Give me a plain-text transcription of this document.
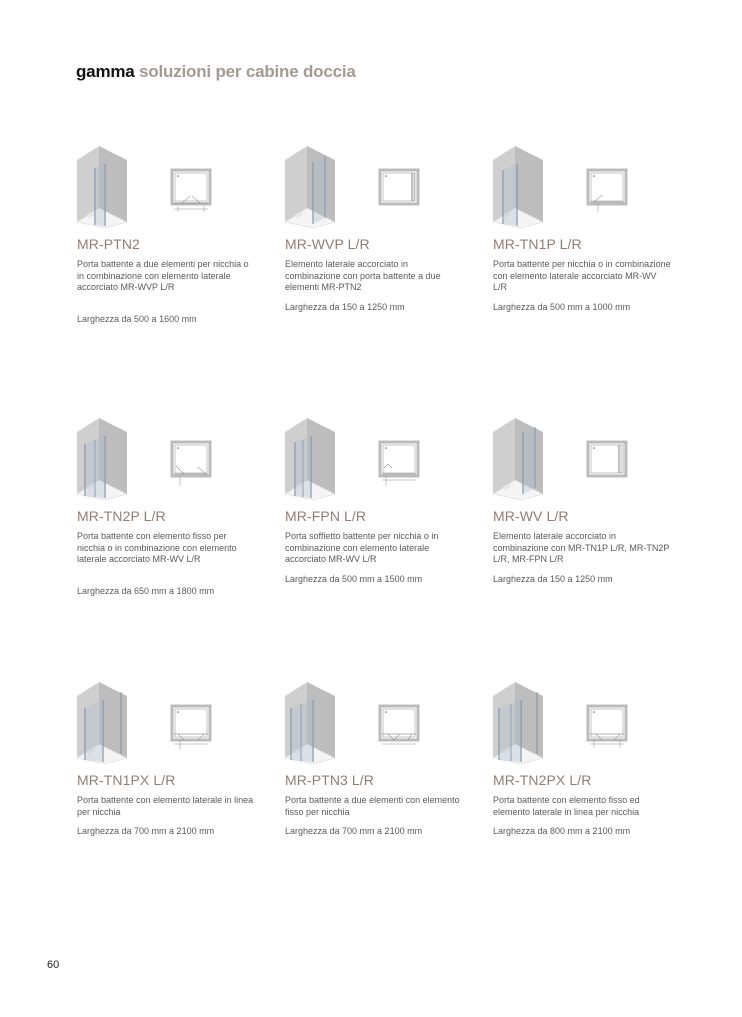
gamma soluzioni per cabine doccia
MR-PTN2
Porta battente a due elementi per nicchia o in combinazione con elemento laterale accorciato MR-WVP L/R
Larghezza da 500 a 1600 mm
MR-WVP L/R
Elemento laterale accorciato in combinazione con porta battente a due elementi MR-PTN2
Larghezza da 150 a 1250 mm
MR-TN1P L/R
Porta battente per nicchia o in combinazione con elemento laterale accorciato MR-WV L/R
Larghezza da 500 mm a 1000 mm
MR-TN2P L/R
Porta battente con elemento fisso per nicchia o in combinazione con elemento laterale accorciato MR-WV L/R
Larghezza da 650 mm a 1800 mm
MR-FPN L/R
Porta soffietto battente per nicchia o in combinazione con elemento laterale accorciato MR-WV L/R
Larghezza da 500 mm a 1500 mm
MR-WV L/R
Elemento laterale accorciato in combinazione con MR-TN1P L/R, MR-TN2P L/R, MR-FPN L/R
Larghezza da 150 a 1250 mm
MR-TN1PX L/R
Porta battente con elemento laterale in linea per nicchia
Larghezza da 700 mm a 2100 mm
MR-PTN3 L/R
Porta battente a due elementi con elemento fisso per nicchia
Larghezza da 700 mm a 2100 mm
MR-TN2PX L/R
Porta battente con elemento fisso ed elemento laterale in linea per nicchia
Larghezza da 800 mm a 2100 mm
60
